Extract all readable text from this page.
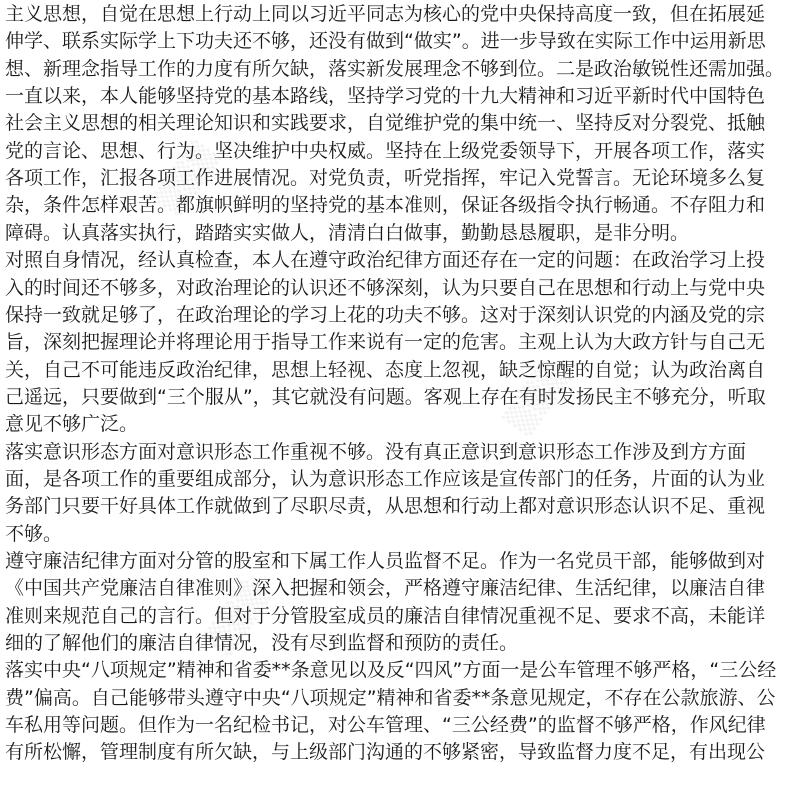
▒▒▒
▒▒▒
▒▒▒
主义思想，自觉在思想上行动上同以习近平同志为核心的党中央保持高度一致，但在拓展延
伸学、联系实际学上下功夫还不够，还没有做到“做实”。进一步导致在实际工作中运用新思
想、新理念指导工作的力度有所欠缺，落实新发展理念不够到位。二是政治敏锐性还需加强。
一直以来，本人能够坚持党的基本路线，坚持学习党的十九大精神和习近平新时代中国特色
社会主义思想的相关理论知识和实践要求，自觉维护党的集中统一、坚持反对分裂党、抵触
党的言论、思想、行为。坚决维护中央权威。坚持在上级党委领导下，开展各项工作，落实
各项工作，汇报各项工作进展情况。对党负责，听党指挥，牢记入党誓言。无论环境多么复
杂，条件怎样艰苦。都旗帜鲜明的坚持党的基本准则，保证各级指令执行畅通。不存阻力和
障碍。认真落实执行，踏踏实实做人，清清白白做事，勤勤恳恳履职，是非分明。
对照自身情况，经认真检查，本人在遵守政治纪律方面还存在一定的问题：在政治学习上投
入的时间还不够多，对政治理论的认识还不够深刻，认为只要自己在思想和行动上与党中央
保持一致就足够了，在政治理论的学习上花的功夫不够。这对于深刻认识党的内涵及党的宗
旨，深刻把握理论并将理论用于指导工作来说有一定的危害。主观上认为大政方针与自己无
关，自己不可能违反政治纪律，思想上轻视、态度上忽视，缺乏惊醒的自觉；认为政治离自
己遥远，只要做到“三个服从”，其它就没有问题。客观上存在有时发扬民主不够充分，听取
意见不够广泛。
落实意识形态方面对意识形态工作重视不够。没有真正意识到意识形态工作涉及到方方面
面，是各项工作的重要组成部分，认为意识形态工作应该是宣传部门的任务，片面的认为业
务部门只要干好具体工作就做到了尽职尽责，从思想和行动上都对意识形态认识不足、重视
不够。
遵守廉洁纪律方面对分管的股室和下属工作人员监督不足。作为一名党员干部，能够做到对
《中国共产党廉洁自律准则》深入把握和领会，严格遵守廉洁纪律、生活纪律，以廉洁自律
准则来规范自己的言行。但对于分管股室成员的廉洁自律情况重视不足、要求不高，未能详
细的了解他们的廉洁自律情况，没有尽到监督和预防的责任。
落实中央“八项规定”精神和省委**条意见以及反“四风”方面一是公车管理不够严格，“三公经
费”偏高。自己能够带头遵守中央“八项规定”精神和省委**条意见规定，不存在公款旅游、公
车私用等问题。但作为一名纪检书记，对公车管理、“三公经费”的监督不够严格，作风纪律
有所松懈，管理制度有所欠缺，与上级部门沟通的不够紧密，导致监督力度不足，有出现公
